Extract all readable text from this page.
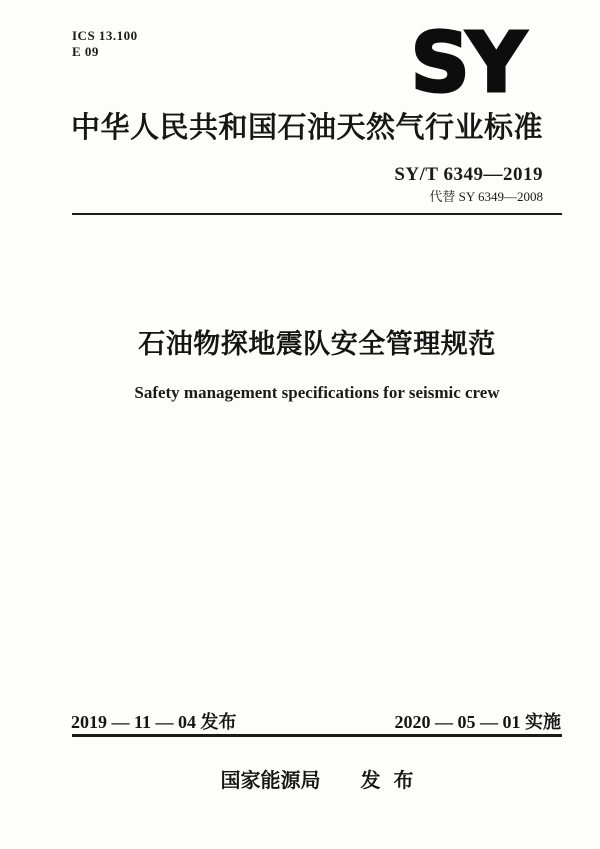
ICS 13.100
E 09	SY
中华人民共和国石油天然气行业标准
SY/T 6349—2019
代替 SY 6349—2008
石油物探地震队安全管理规范
Safety management specifications for seismic crew
2019 — 11 — 04 发布	2020 — 05 — 01 实施
国家能源局 发布
